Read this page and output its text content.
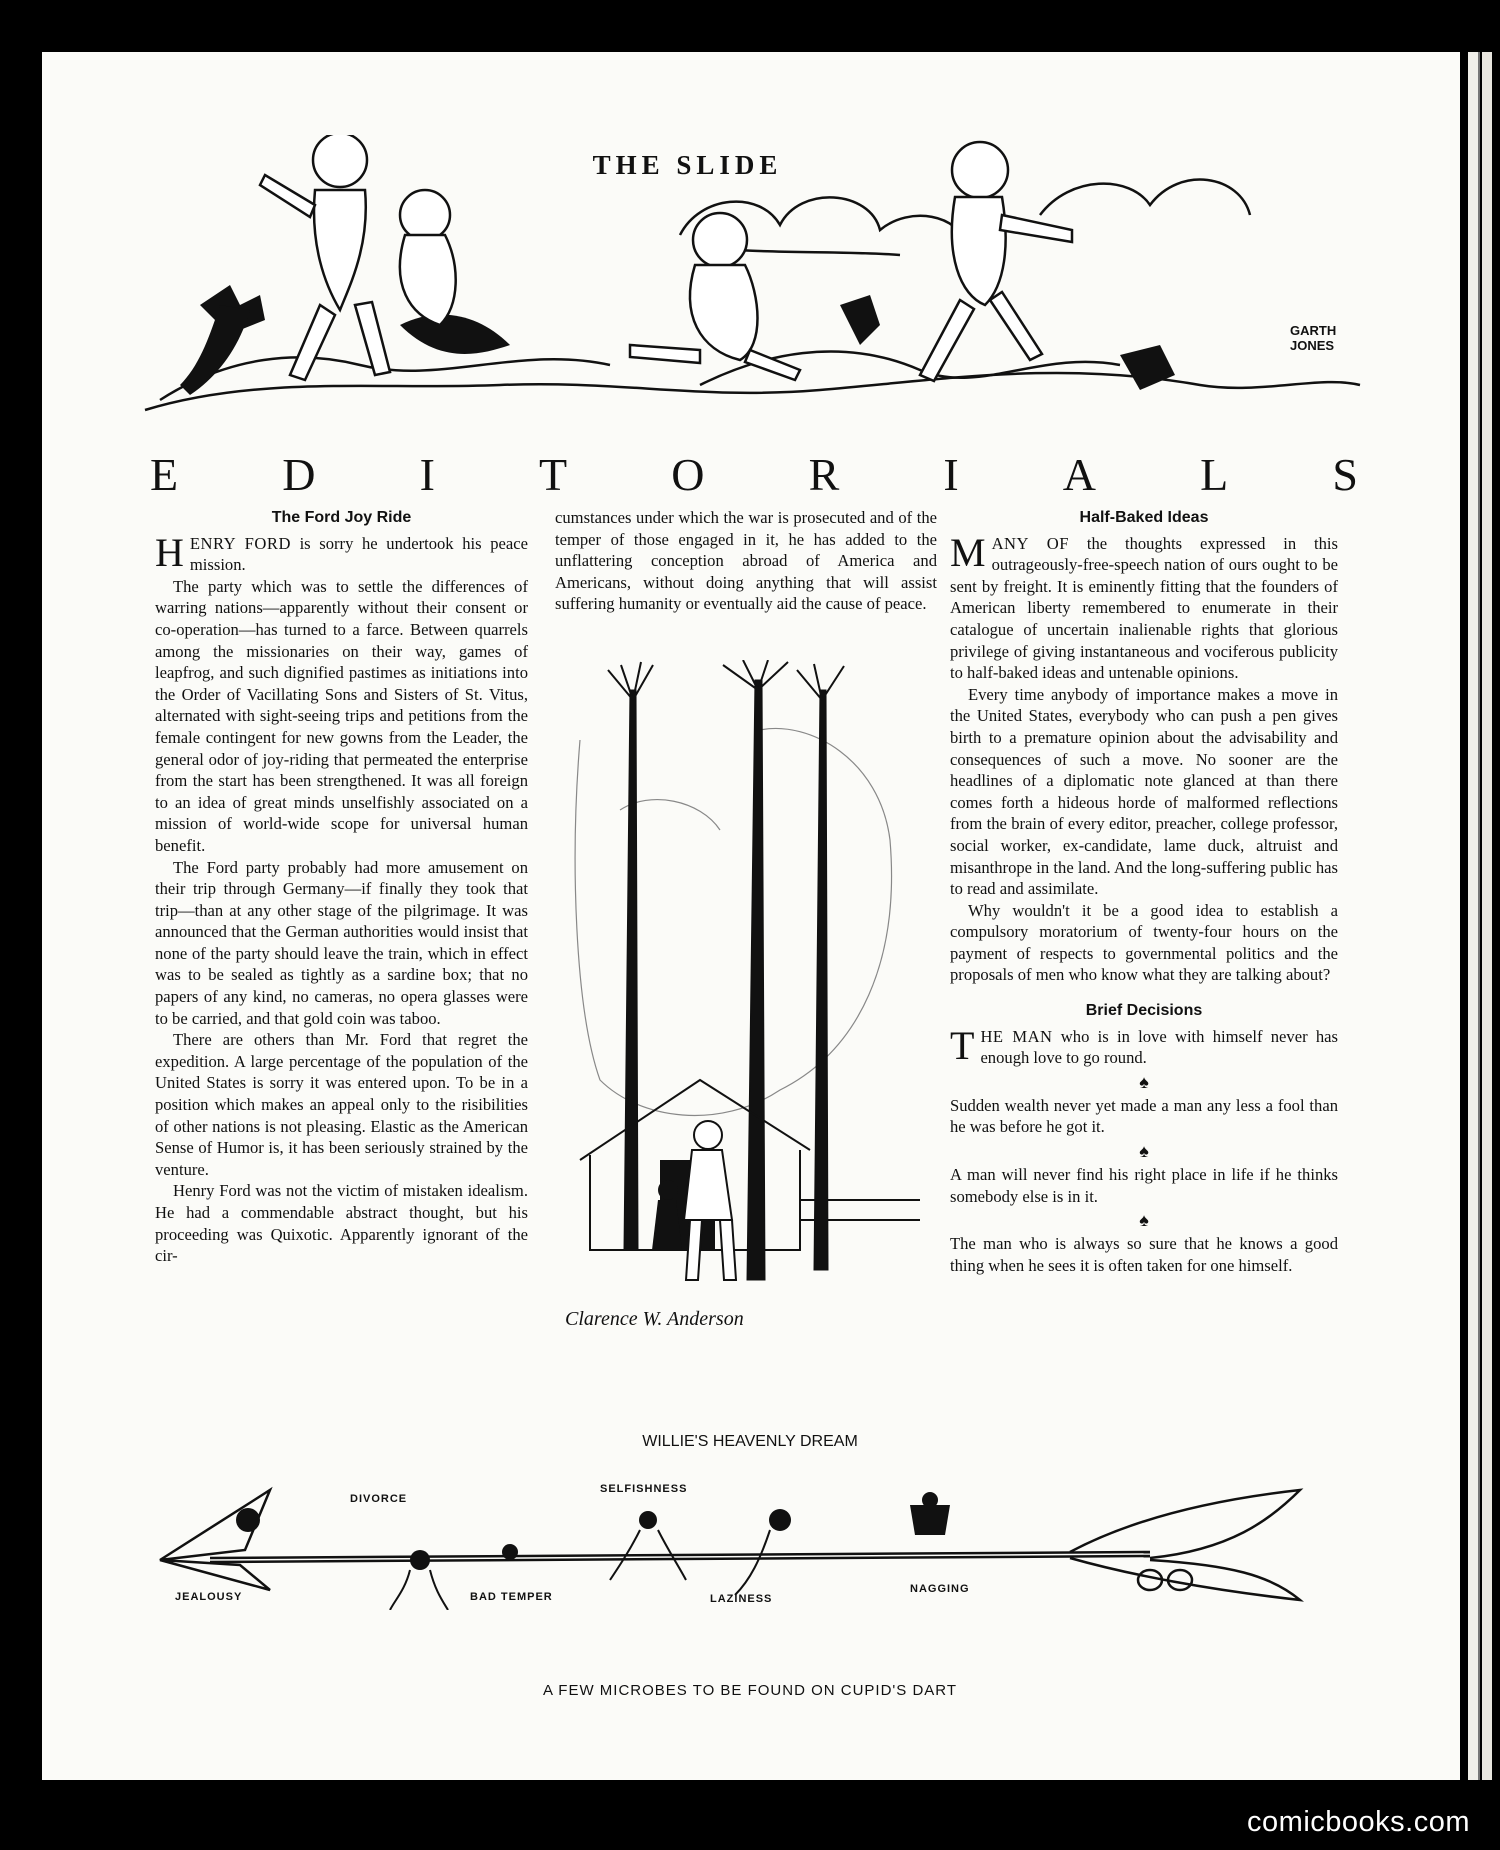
GARTH
JONES
THE SLIDE
E D I T O R I A L S
The Ford Joy Ride

HENRY FORD is sorry he undertook his peace mission.

The party which was to settle the differences of warring nations—apparently without their consent or co-operation—has turned to a farce. Between quarrels among the missionaries on their way, games of leapfrog, and such dignified pastimes as initiations into the Order of Vacillating Sons and Sisters of St. Vitus, alternated with sight-seeing trips and petitions from the female contingent for new gowns from the Leader, the general odor of joy-riding that permeated the enterprise from the start has been strengthened. It was all foreign to an idea of great minds unselfishly associated on a mission of world-wide scope for universal human benefit.

The Ford party probably had more amusement on their trip through Germany—if finally they took that trip—than at any other stage of the pilgrimage. It was announced that the German authorities would insist that none of the party should leave the train, which in effect was to be sealed as tightly as a sardine box; that no papers of any kind, no cameras, no opera glasses were to be carried, and that gold coin was taboo.

There are others than Mr. Ford that regret the expedition. A large percentage of the population of the United States is sorry it was entered upon. To be in a position which makes an appeal only to the risibilities of other nations is not pleasing. Elastic as the American Sense of Humor is, it has been seriously strained by the venture.

Henry Ford was not the victim of mistaken idealism. He had a commendable abstract thought, but his proceeding was Quixotic. Apparently ignorant of the cir-

cumstances under which the war is prosecuted and of the temper of those engaged in it, he has added to the unflattering conception abroad of America and Americans, without doing anything that will assist suffering humanity or eventually aid the cause of peace.

Clarence W. Anderson
WILLIE'S HEAVENLY DREAM
Half-Baked Ideas

MANY OF the thoughts expressed in this outrageously-free-speech nation of ours ought to be sent by freight. It is eminently fitting that the founders of American liberty remembered to enumerate in their catalogue of uncertain inalienable rights that glorious privilege of giving instantaneous and vociferous publicity to half-baked ideas and untenable opinions.

Every time anybody of importance makes a move in the United States, everybody who can push a pen gives birth to a premature opinion about the advisability and consequences of such a move. No sooner are the headlines of a diplomatic note glanced at than there comes forth a hideous horde of malformed reflections from the brain of every editor, preacher, college professor, social worker, ex-candidate, lame duck, altruist and misanthrope in the land. And the long-suffering public has to read and assimilate.

Why wouldn't it be a good idea to establish a compulsory moratorium of twenty-four hours on the payment of respects to governmental politics and the proposals of men who know what they are talking about?

Brief Decisions

THE MAN who is in love with himself never has enough love to go round.

♠

Sudden wealth never yet made a man any less a fool than he was before he got it.

♠

A man will never find his right place in life if he thinks somebody else is in it.

♠

The man who is always so sure that he knows a good thing when he sees it is often taken for one himself.

JEALOUSY
DIVORCE
BAD TEMPER
SELFISHNESS
LAZINESS
NAGGING
A FEW MICROBES TO BE FOUND ON CUPID'S DART
comicbooks.com
